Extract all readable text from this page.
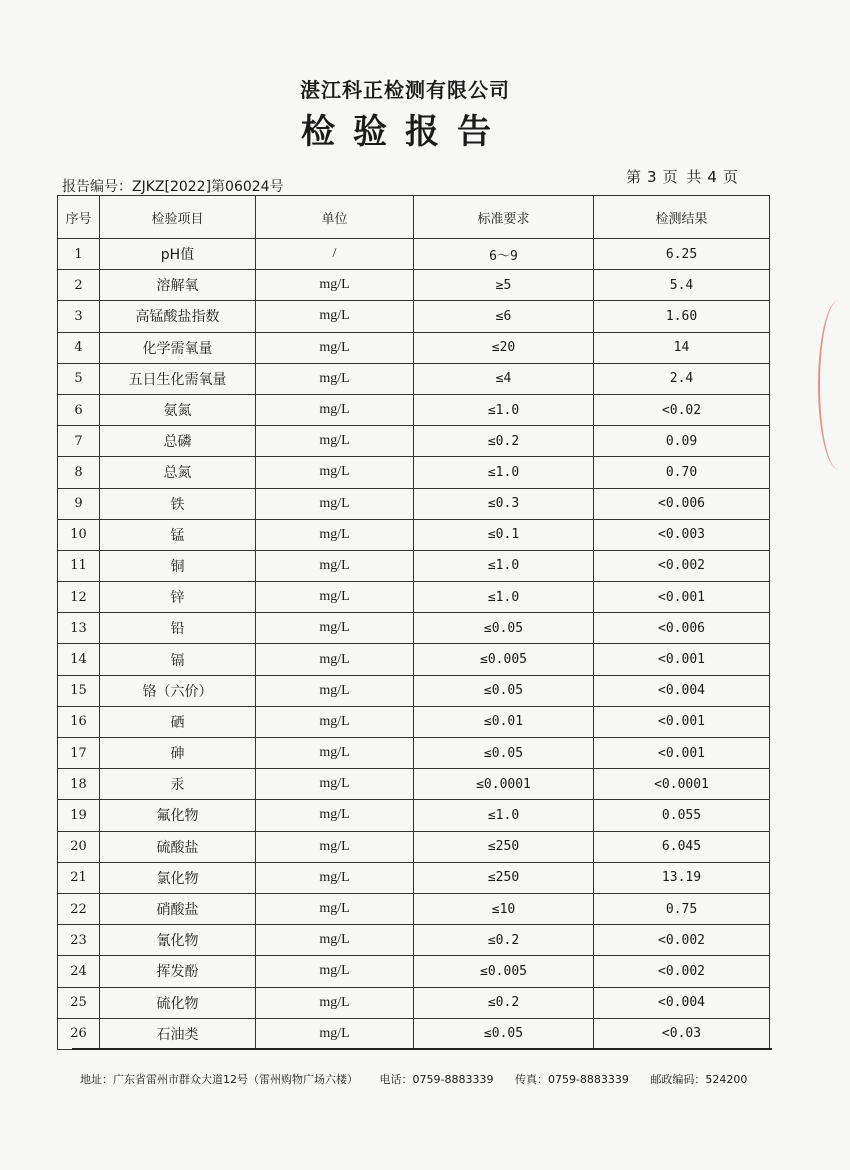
湛江科正检测有限公司
检验报告
报告编号：ZJKZ[2022]第06024号
第 3 页 共 4 页
序号	检验项目	单位	标准要求	检测结果
1	pH值	/	6～9	6.25
2	溶解氧	mg/L	≥5	5.4
3	高锰酸盐指数	mg/L	≤6	1.60
4	化学需氧量	mg/L	≤20	14
5	五日生化需氧量	mg/L	≤4	2.4
6	氨氮	mg/L	≤1.0	<0.02
7	总磷	mg/L	≤0.2	0.09
8	总氮	mg/L	≤1.0	0.70
9	铁	mg/L	≤0.3	<0.006
10	锰	mg/L	≤0.1	<0.003
11	铜	mg/L	≤1.0	<0.002
12	锌	mg/L	≤1.0	<0.001
13	铅	mg/L	≤0.05	<0.006
14	镉	mg/L	≤0.005	<0.001
15	铬（六价）	mg/L	≤0.05	<0.004
16	硒	mg/L	≤0.01	<0.001
17	砷	mg/L	≤0.05	<0.001
18	汞	mg/L	≤0.0001	<0.0001
19	氟化物	mg/L	≤1.0	0.055
20	硫酸盐	mg/L	≤250	6.045
21	氯化物	mg/L	≤250	13.19
22	硝酸盐	mg/L	≤10	0.75
23	氰化物	mg/L	≤0.2	<0.002
24	挥发酚	mg/L	≤0.005	<0.002
25	硫化物	mg/L	≤0.2	<0.004
26	石油类	mg/L	≤0.05	<0.03
地址：广东省雷州市群众大道12号（雷州购物广场六楼） 电话：0759-8883339 传真：0759-8883339 邮政编码：524200
